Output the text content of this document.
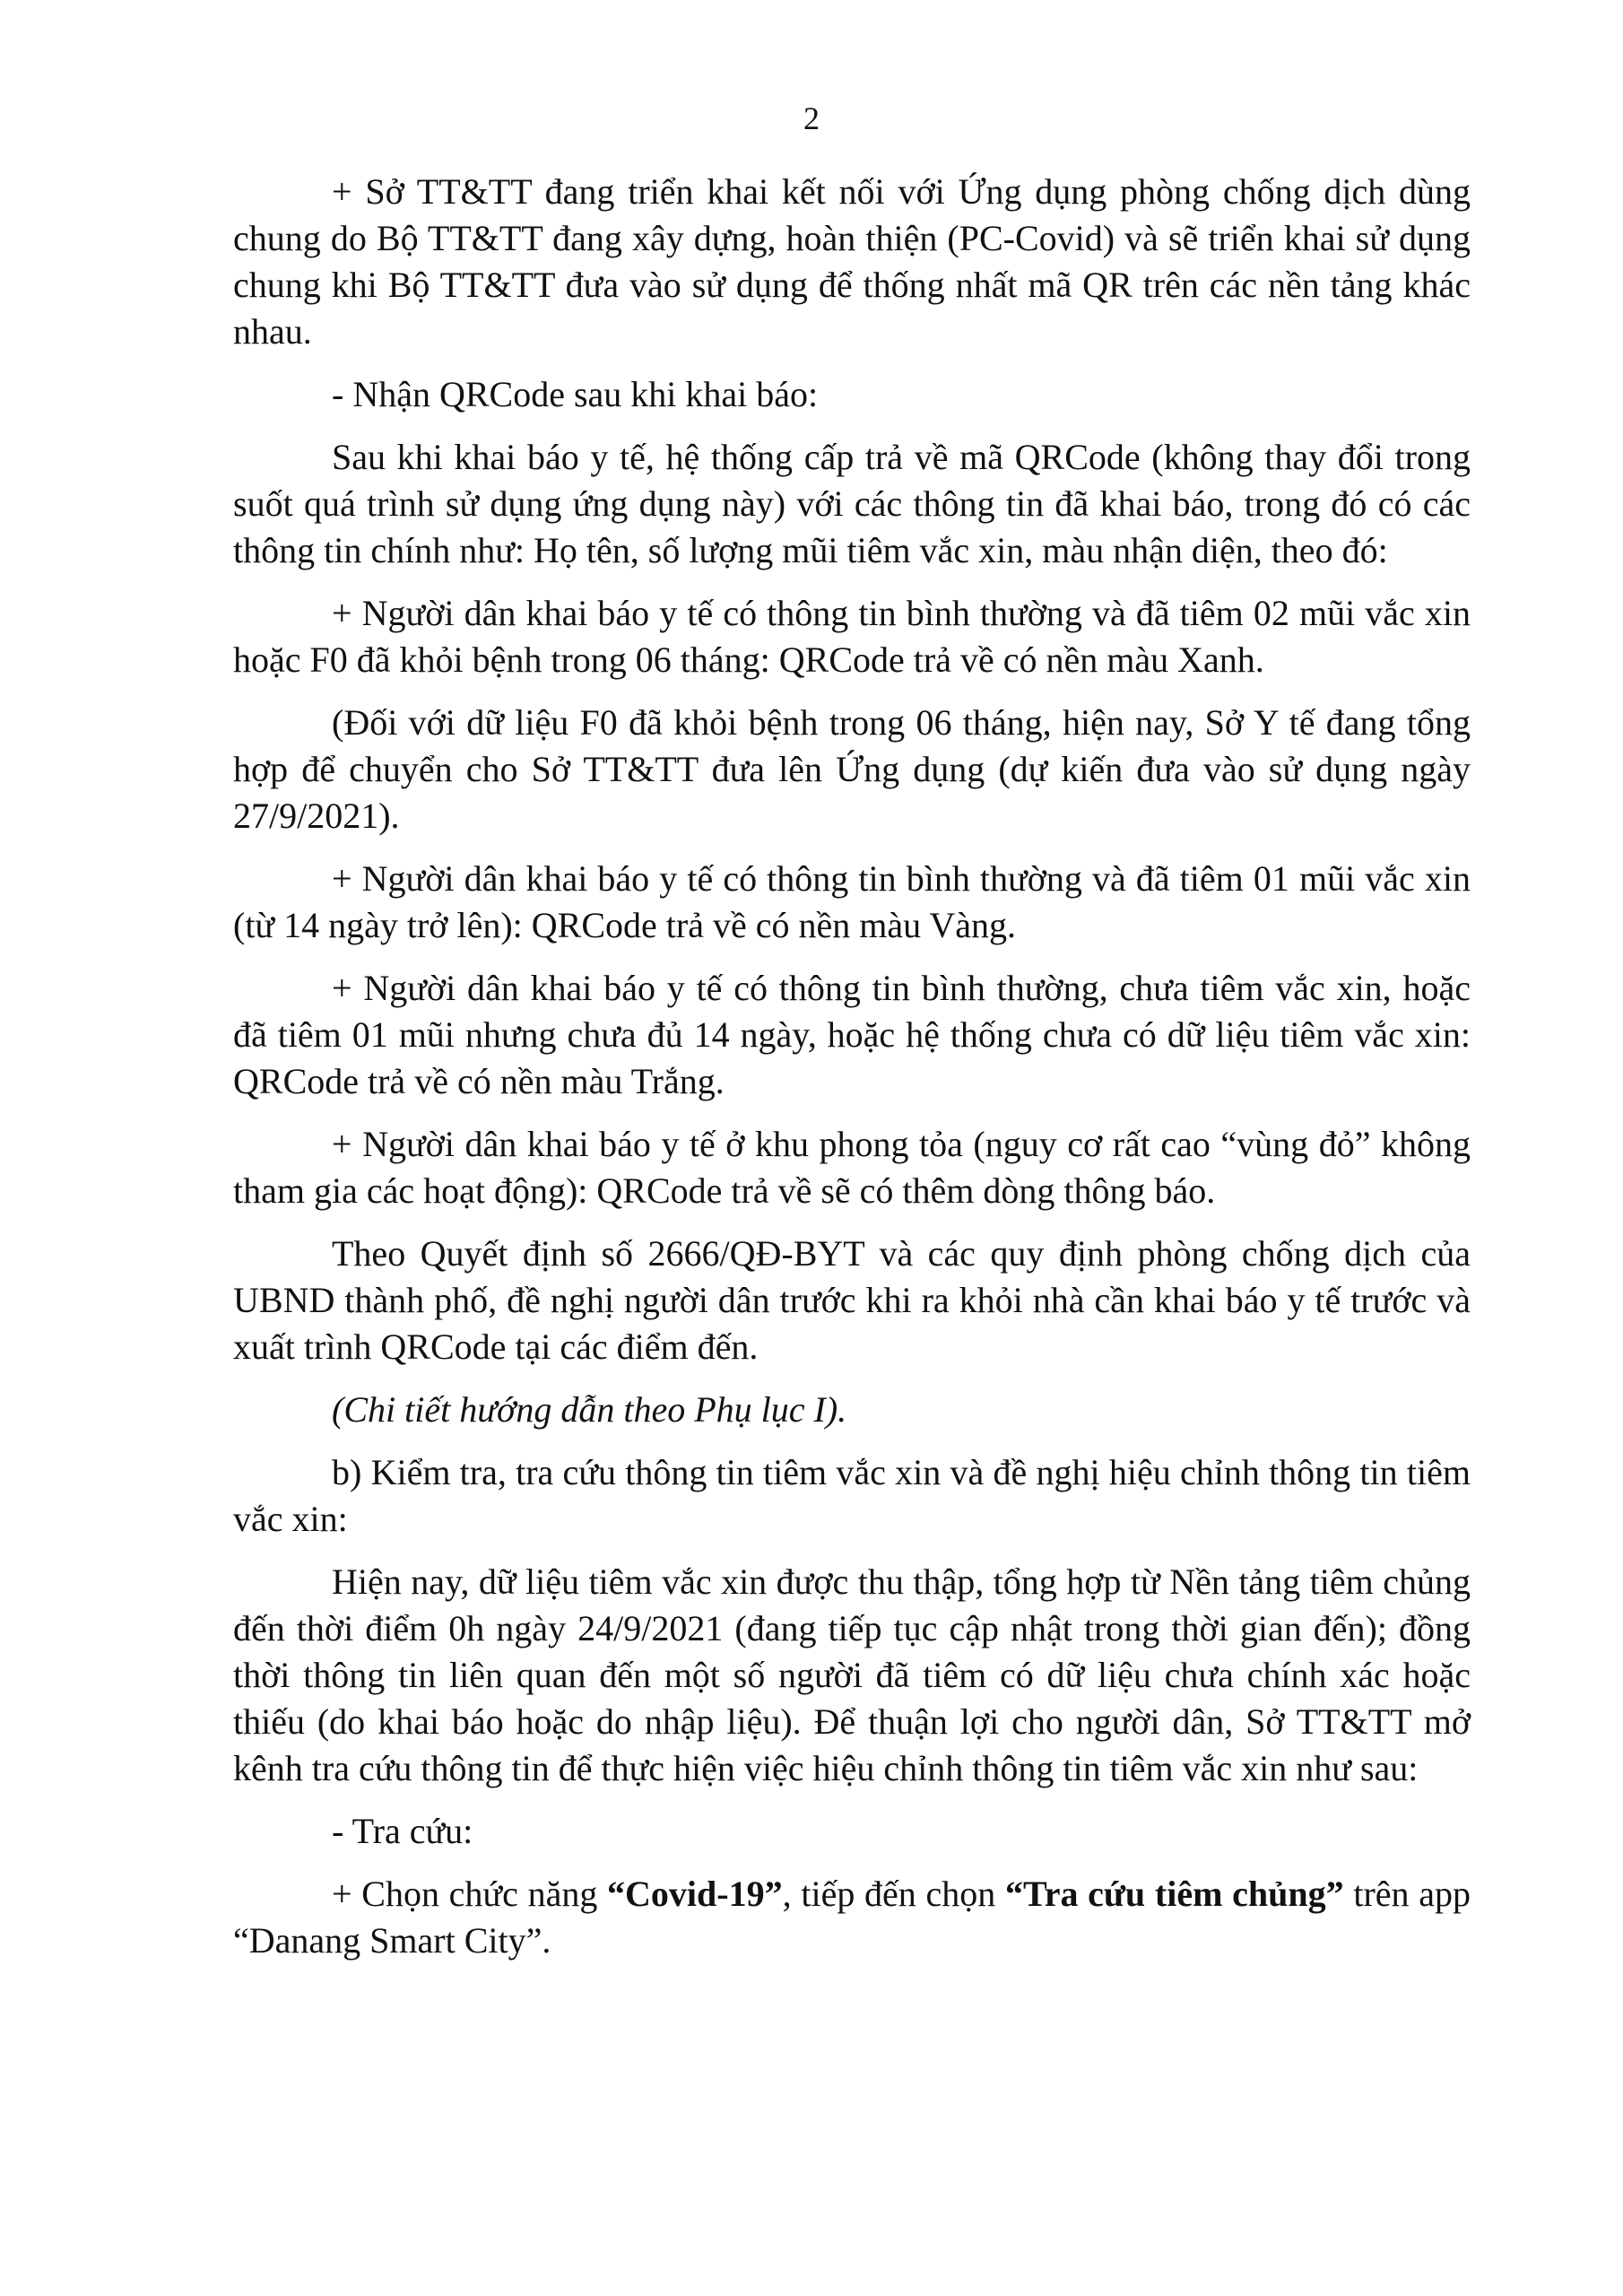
2

+ Sở TT&TT đang triển khai kết nối với Ứng dụng phòng chống dịch dùng chung do Bộ TT&TT đang xây dựng, hoàn thiện (PC-Covid) và sẽ triển khai sử dụng chung khi Bộ TT&TT đưa vào sử dụng để thống nhất mã QR trên các nền tảng khác nhau.

- Nhận QRCode sau khi khai báo:

Sau khi khai báo y tế, hệ thống cấp trả về mã QRCode (không thay đổi trong suốt quá trình sử dụng ứng dụng này) với các thông tin đã khai báo, trong đó có các thông tin chính như: Họ tên, số lượng mũi tiêm vắc xin, màu nhận diện, theo đó:

+ Người dân khai báo y tế có thông tin bình thường và đã tiêm 02 mũi vắc xin hoặc F0 đã khỏi bệnh trong 06 tháng: QRCode trả về có nền màu Xanh.

(Đối với dữ liệu F0 đã khỏi bệnh trong 06 tháng, hiện nay, Sở Y tế đang tổng hợp để chuyển cho Sở TT&TT đưa lên Ứng dụng (dự kiến đưa vào sử dụng ngày 27/9/2021).

+ Người dân khai báo y tế có thông tin bình thường và đã tiêm 01 mũi vắc xin (từ 14 ngày trở lên): QRCode trả về có nền màu Vàng.

+ Người dân khai báo y tế có thông tin bình thường, chưa tiêm vắc xin, hoặc đã tiêm 01 mũi nhưng chưa đủ 14 ngày, hoặc hệ thống chưa có dữ liệu tiêm vắc xin: QRCode trả về có nền màu Trắng.

+ Người dân khai báo y tế ở khu phong tỏa (nguy cơ rất cao “vùng đỏ” không tham gia các hoạt động): QRCode trả về sẽ có thêm dòng thông báo.

Theo Quyết định số 2666/QĐ-BYT và các quy định phòng chống dịch của UBND thành phố, đề nghị người dân trước khi ra khỏi nhà cần khai báo y tế trước và xuất trình QRCode tại các điểm đến.

(Chi tiết hướng dẫn theo Phụ lục I).

b) Kiểm tra, tra cứu thông tin tiêm vắc xin và đề nghị hiệu chỉnh thông tin tiêm vắc xin:

Hiện nay, dữ liệu tiêm vắc xin được thu thập, tổng hợp từ Nền tảng tiêm chủng đến thời điểm 0h ngày 24/9/2021 (đang tiếp tục cập nhật trong thời gian đến); đồng thời thông tin liên quan đến một số người đã tiêm có dữ liệu chưa chính xác hoặc thiếu (do khai báo hoặc do nhập liệu). Để thuận lợi cho người dân, Sở TT&TT mở kênh tra cứu thông tin để thực hiện việc hiệu chỉnh thông tin tiêm vắc xin như sau:

- Tra cứu:

+ Chọn chức năng “Covid-19”, tiếp đến chọn “Tra cứu tiêm chủng” trên app “Danang Smart City”.
